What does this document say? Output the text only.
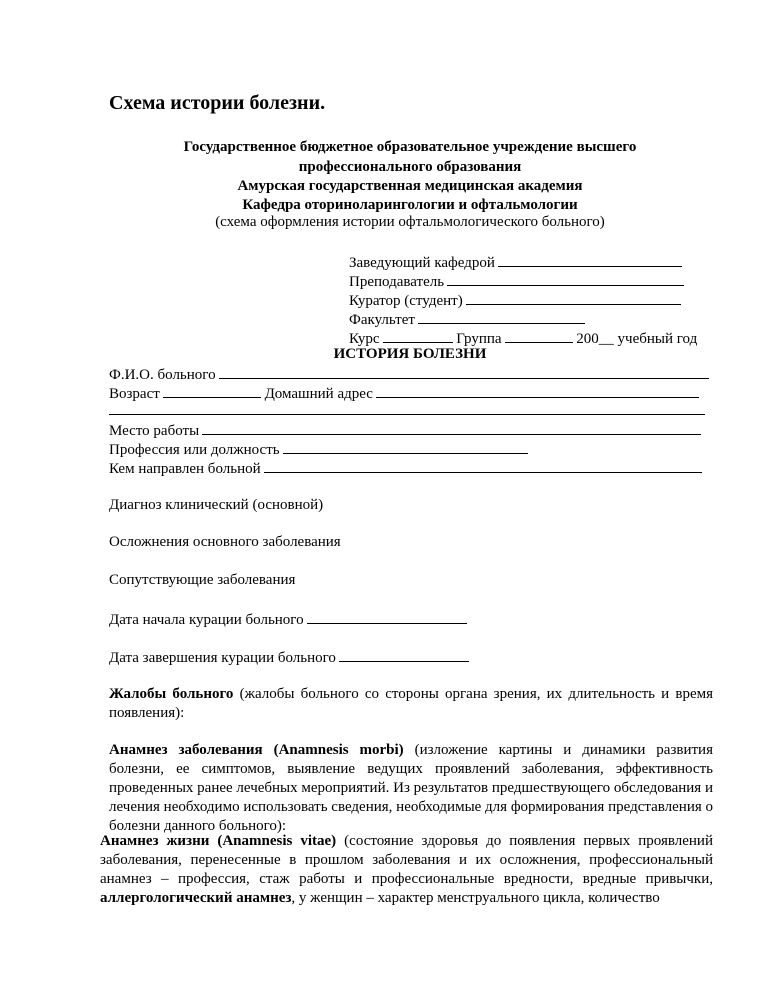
Схема истории болезни.
Государственное бюджетное образовательное учреждение высшего
профессионального образования
Амурская государственная медицинская академия
Кафедра оториноларингологии и офтальмологии
(схема оформления истории офтальмологического больного)
Заведующий кафедрой
Преподаватель
Куратор (студент)
Факультет
Курс	Группа	200__ учебный год
ИСТОРИЯ БОЛЕЗНИ
Ф.И.О. больного
Возраст	Домашний адрес
Место работы
Профессия или должность
Кем направлен больной
Диагноз клинический (основной)
Осложнения основного заболевания
Сопутствующие заболевания
Дата начала курации больного
Дата завершения курации больного
Жалобы больного (жалобы больного со стороны органа зрения, их длительность и время появления):
Анамнез заболевания (Anamnesis morbi) (изложение картины и динамики развития болезни, ее симптомов, выявление ведущих проявлений заболевания, эффективность проведенных ранее лечебных мероприятий. Из результатов предшествующего обследования и лечения необходимо использовать сведения, необходимые для формирования представления о болезни данного больного):
Анамнез жизни (Anamnesis vitae) (состояние здоровья до появления первых проявлений заболевания, перенесенные в прошлом заболевания и их осложнения, профессиональный анамнез – профессия, стаж работы и профессиональные вредности, вредные привычки, аллергологический анамнез, у женщин – характер менструального цикла, количество
